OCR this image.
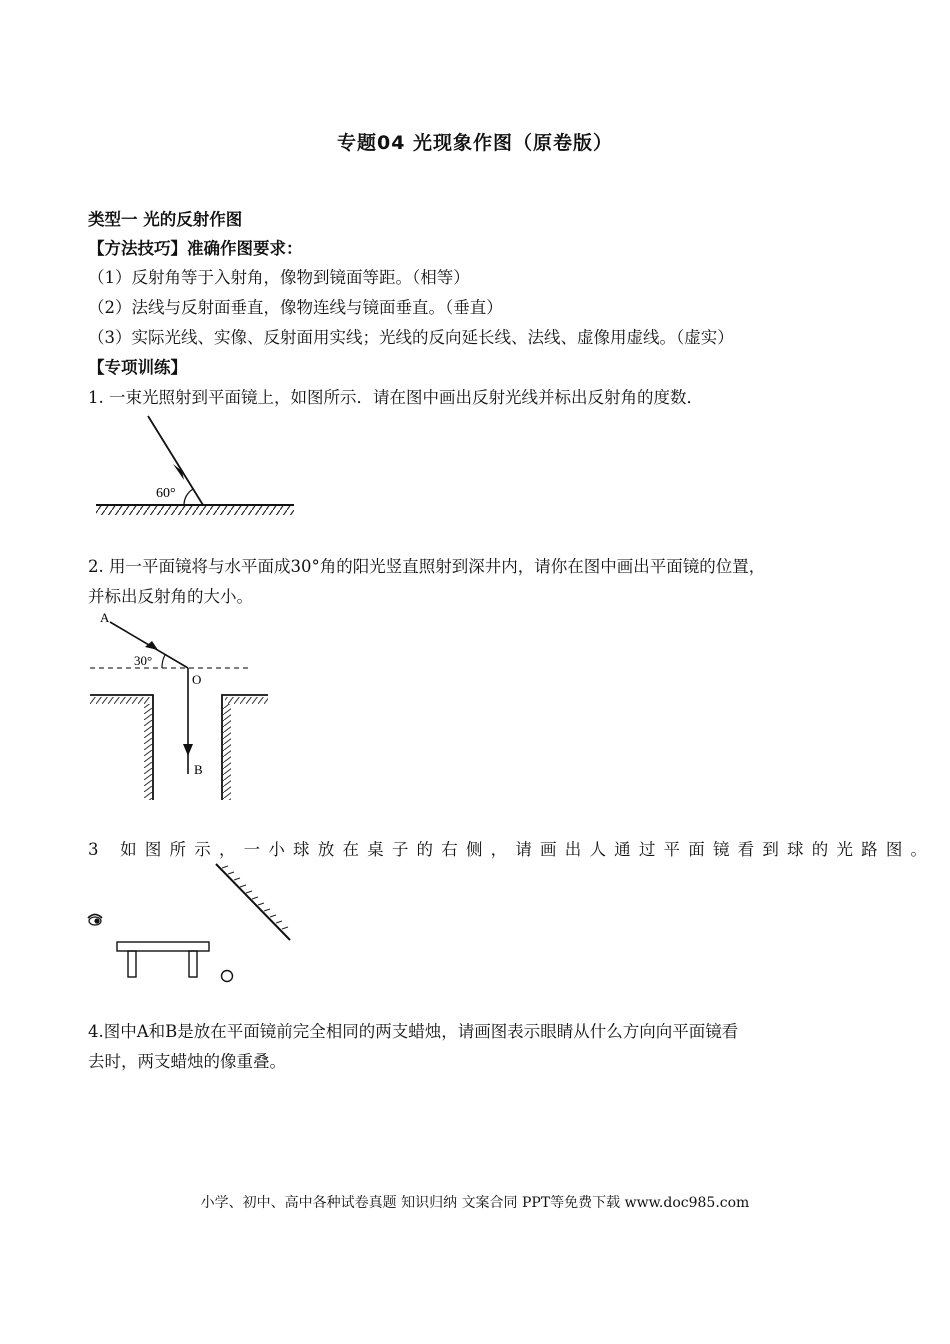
专题04 光现象作图（原卷版）
类型一 光的反射作图
【方法技巧】准确作图要求：
（1）反射角等于入射角，像物到镜面等距。（相等）
（2）法线与反射面垂直，像物连线与镜面垂直。（垂直）
（3）实际光线、实像、反射面用实线；光线的反向延长线、法线、虚像用虚线。（虚实）
【专项训练】
1. 一束光照射到平面镜上，如图所示．请在图中画出反射光线并标出反射角的度数．
60°
2. 用一平面镜将与水平面成30°角的阳光竖直照射到深井内，请你在图中画出平面镜的位置，
并标出反射角的大小。
A
30°
O
B
3 如图所示，一小球放在桌子的右侧，请画出人通过平面镜看到球的光路图。
4.图中A和B是放在平面镜前完全相同的两支蜡烛，请画图表示眼睛从什么方向向平面镜看
去时，两支蜡烛的像重叠。
小学、初中、高中各种试卷真题 知识归纳 文案合同 PPT等免费下载 www.doc985.com
